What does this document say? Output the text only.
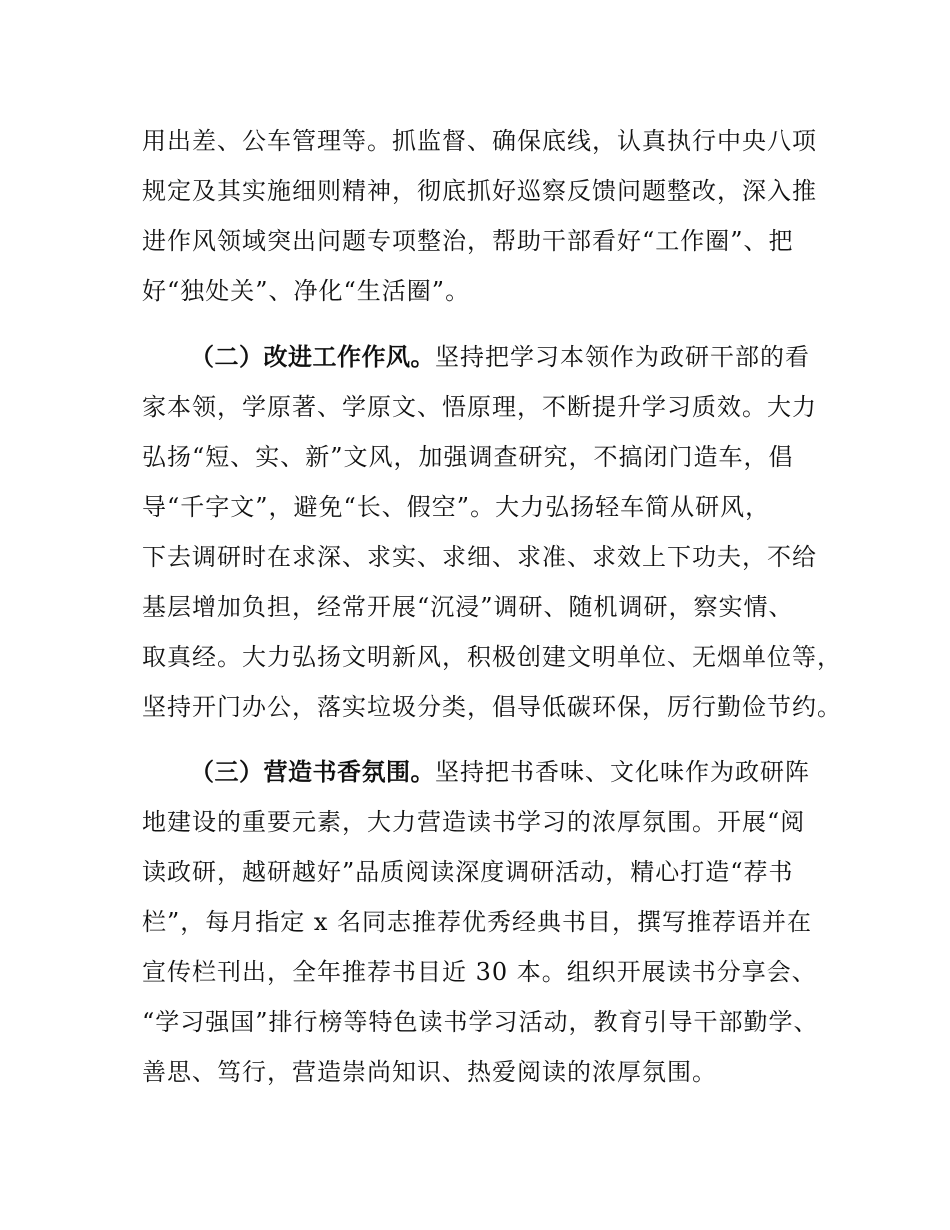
用出差、公车管理等。抓监督、确保底线，认真执行中央八项
规定及其实施细则精神，彻底抓好巡察反馈问题整改，深入推
进作风领域突出问题专项整治，帮助干部看好“工作圈”、把
好“独处关”、净化“生活圈”。
（二）改进工作作风。坚持把学习本领作为政研干部的看
家本领，学原著、学原文、悟原理，不断提升学习质效。大力
弘扬“短、实、新”文风，加强调查研究，不搞闭门造车，倡
导“千字文”，避免“长、假空”。大力弘扬轻车简从研风，
下去调研时在求深、求实、求细、求准、求效上下功夫，不给
基层增加负担，经常开展“沉浸”调研、随机调研，察实情、
取真经。大力弘扬文明新风，积极创建文明单位、无烟单位等，
坚持开门办公，落实垃圾分类，倡导低碳环保，厉行勤俭节约。
（三）营造书香氛围。坚持把书香味、文化味作为政研阵
地建设的重要元素，大力营造读书学习的浓厚氛围。开展“阅
读政研，越研越好”品质阅读深度调研活动，精心打造“荐书
栏”，每月指定 x 名同志推荐优秀经典书目，撰写推荐语并在
宣传栏刊出，全年推荐书目近 30 本。组织开展读书分享会、
“学习强国”排行榜等特色读书学习活动，教育引导干部勤学、
善思、笃行，营造崇尚知识、热爱阅读的浓厚氛围。
